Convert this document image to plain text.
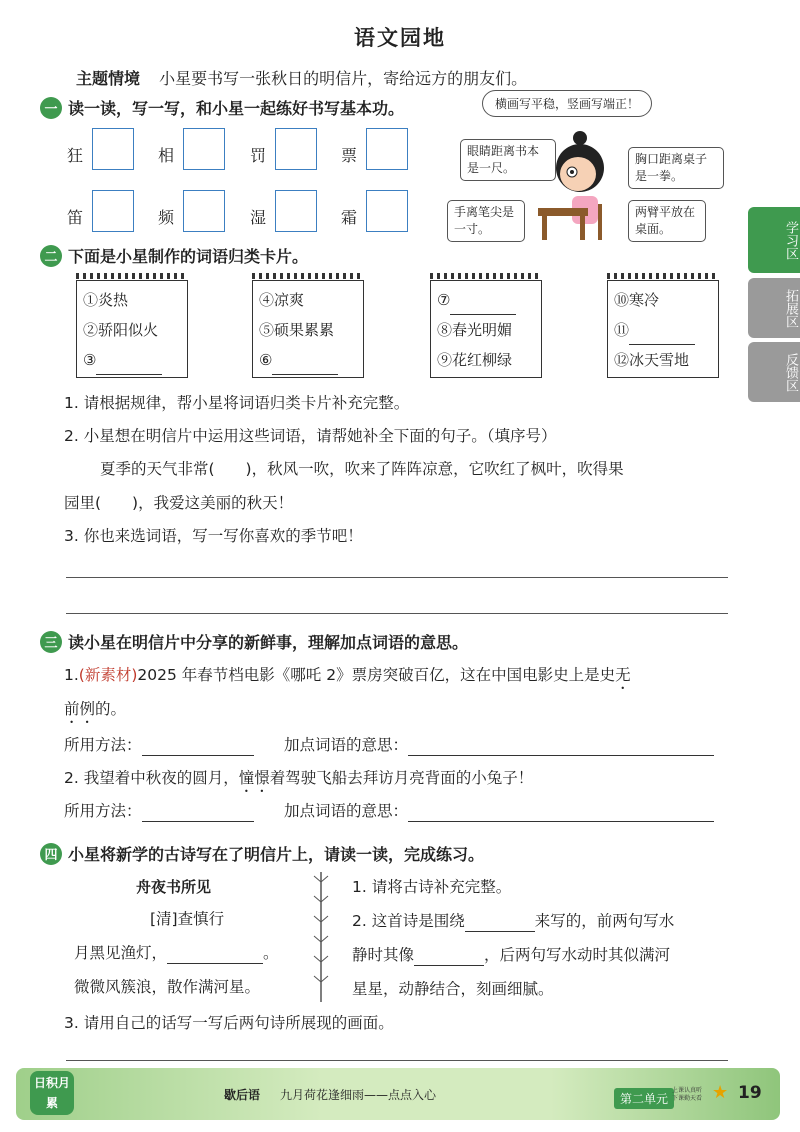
语文园地
主题情境 小星要书写一张秋日的明信片，寄给远方的朋友们。
一 读一读，写一写，和小星一起练好书写基本功。
狂	相	罚	票
笛	频	湿	霜
横画写平稳，竖画写端正！
眼睛距离书本是一尺。
胸口距离桌子是一拳。
手离笔尖是一寸。
两臂平放在桌面。
二 下面是小星制作的词语归类卡片。
①炎热
②骄阳似火
③
④凉爽
⑤硕果累累
⑥
⑦
⑧春光明媚
⑨花红柳绿
⑩寒冷
⑪
⑫冰天雪地
1. 请根据规律，帮小星将词语归类卡片补充完整。
2. 小星想在明信片中运用这些词语，请帮她补全下面的句子。（填序号）
夏季的天气非常(　　)，秋风一吹，吹来了阵阵凉意，它吹红了枫叶，吹得果
园里(　　)，我爱这美丽的秋天！
3. 你也来选词语，写一写你喜欢的季节吧！
三 读小星在明信片中分享的新鲜事，理解加点词语的意思。
1.(新素材)2025 年春节档电影《哪吒 2》票房突破百亿，这在中国电影史上是史无
前例的。
所用方法：	加点词语的意思：
2. 我望着中秋夜的圆月，憧憬着驾驶飞船去拜访月亮背面的小兔子！
所用方法：	加点词语的意思：
四 小星将新学的古诗写在了明信片上，请读一读，完成练习。
舟夜书所见
[清]查慎行
月黑见渔灯，	。
微微风簇浪，散作满河星。
1. 请将古诗补充完整。
2. 这首诗是围绕	来写的，前两句写水
静时其像	，后两句写水动时其似满河
星星，动静结合，刻画细腻。
3. 请用自己的话写一写后两句诗所展现的画面。
学习区
拓展区
反馈区
日积月累
歇后语 九月荷花逢细雨——点点入心	第二单元
上课认真听 下课勤天看 ★ 19
